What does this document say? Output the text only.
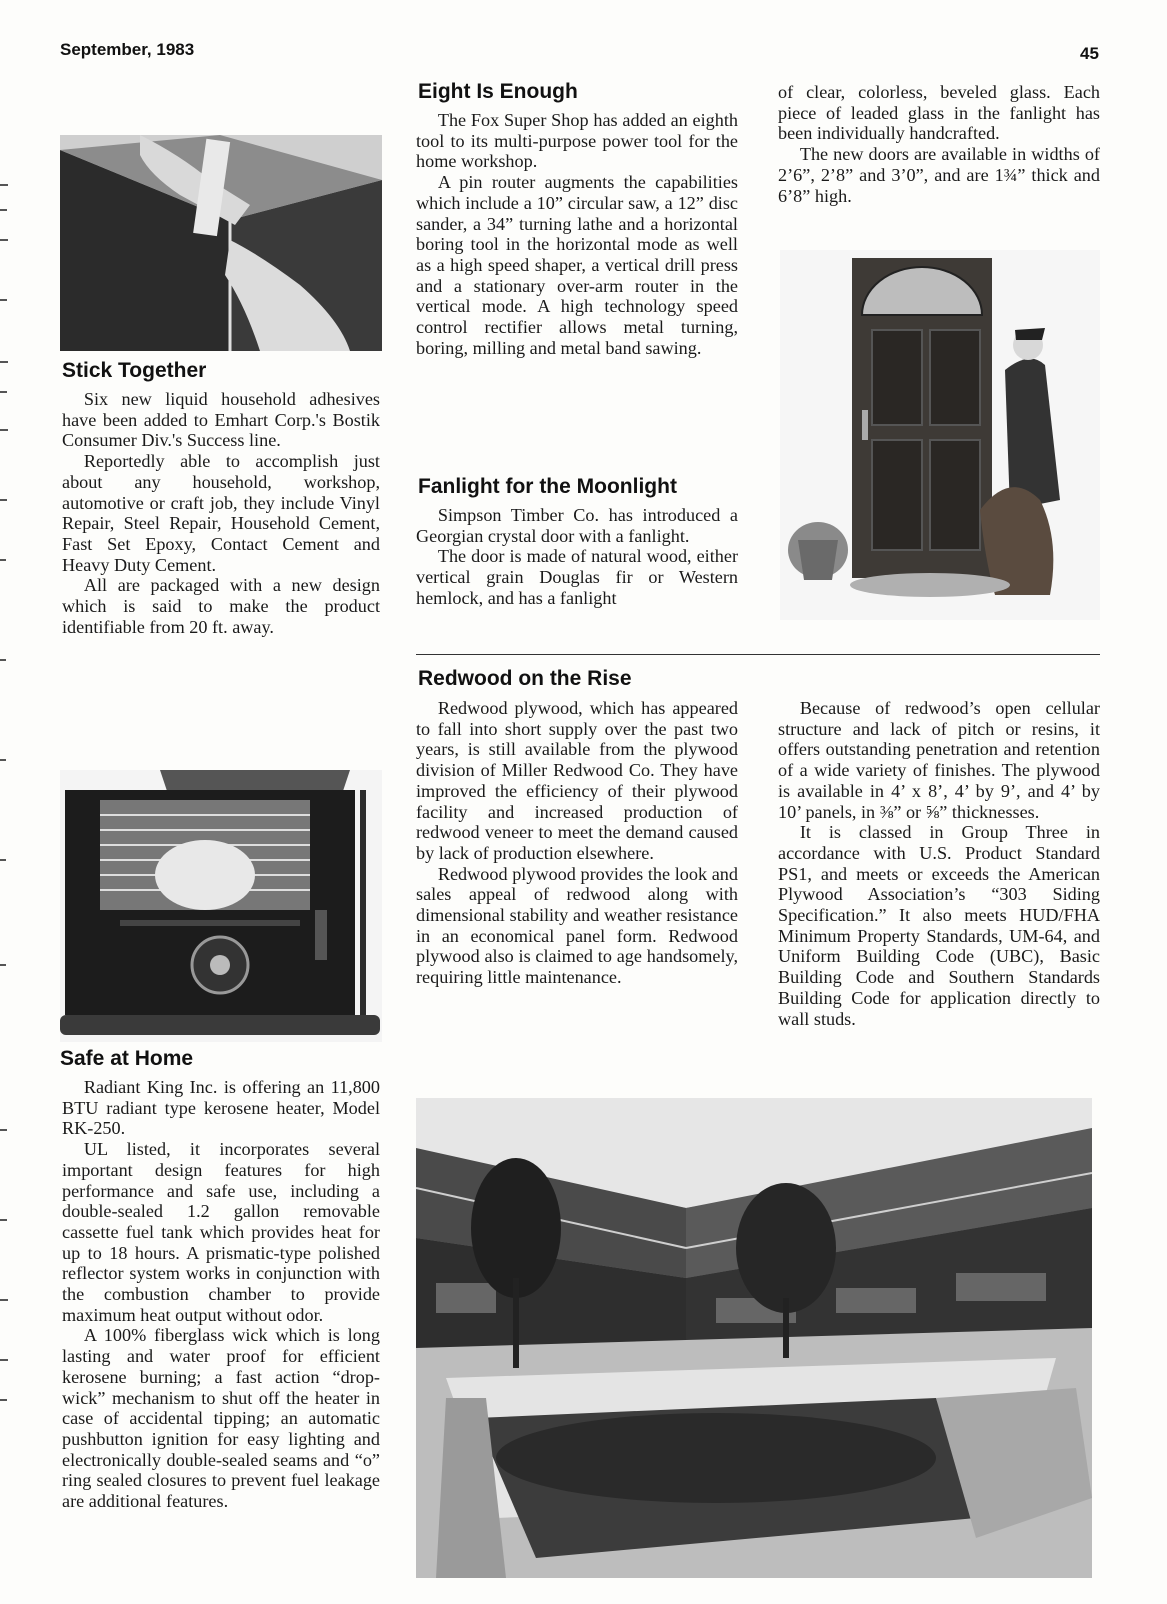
September, 1983	45
Stick Together

Six new liquid household adhesives have been added to Emhart Corp.'s Bostik Consumer Div.'s Success line.

Reportedly able to accomplish just about any household, workshop, automotive or craft job, they include Vinyl Repair, Steel Repair, Household Cement, Fast Set Epoxy, Contact Cement and Heavy Duty Cement.

All are packaged with a new design which is said to make the product identifiable from 20 ft. away.

Safe at Home

Radiant King Inc. is offering an 11,800 BTU radiant type kerosene heater, Model RK-250.

UL listed, it incorporates several important design features for high performance and safe use, including a double-sealed 1.2 gallon removable cassette fuel tank which provides heat for up to 18 hours. A prismatic-type polished reflector system works in conjunction with the combustion chamber to provide maximum heat output without odor.

A 100% fiberglass wick which is long lasting and water proof for efficient kerosene burning; a fast action “drop-wick” mechanism to shut off the heater in case of accidental tipping; an automatic pushbutton ignition for easy lighting and electronically double-sealed seams and “o” ring sealed closures to prevent fuel leakage are additional features.

Eight Is Enough

The Fox Super Shop has added an eighth tool to its multi-purpose power tool for the home workshop.

A pin router augments the capabilities which include a 10” circular saw, a 12” disc sander, a 34” turning lathe and a horizontal boring tool in the horizontal mode as well as a high speed shaper, a vertical drill press and a stationary over-arm router in the vertical mode. A high technology speed control rectifier allows metal turning, boring, milling and metal band sawing.

Fanlight for the Moonlight

Simpson Timber Co. has introduced a Georgian crystal door with a fanlight.

The door is made of natural wood, either vertical grain Douglas fir or Western hemlock, and has a fanlight

of clear, colorless, beveled glass. Each piece of leaded glass in the fanlight has been individually handcrafted.

The new doors are available in widths of 2’6”, 2’8” and 3’0”, and are 1¾” thick and 6’8” high.

Redwood on the Rise

Redwood plywood, which has appeared to fall into short supply over the past two years, is still available from the plywood division of Miller Redwood Co. They have improved the efficiency of their plywood facility and increased production of redwood veneer to meet the demand caused by lack of production elsewhere.

Redwood plywood provides the look and sales appeal of redwood along with dimensional stability and weather resistance in an economical panel form. Redwood plywood also is claimed to age handsomely, requiring little maintenance.

Because of redwood’s open cellular structure and lack of pitch or resins, it offers outstanding penetration and retention of a wide variety of finishes. The plywood is available in 4’ x 8’, 4’ by 9’, and 4’ by 10’ panels, in ⅜” or ⅝” thicknesses.

It is classed in Group Three in accordance with U.S. Product Standard PS1, and meets or exceeds the American Plywood Association’s “303 Siding Specification.” It also meets HUD/FHA Minimum Property Standards, UM-64, and Uniform Building Code (UBC), Basic Building Code and Southern Standards Building Code for application directly to wall studs.
